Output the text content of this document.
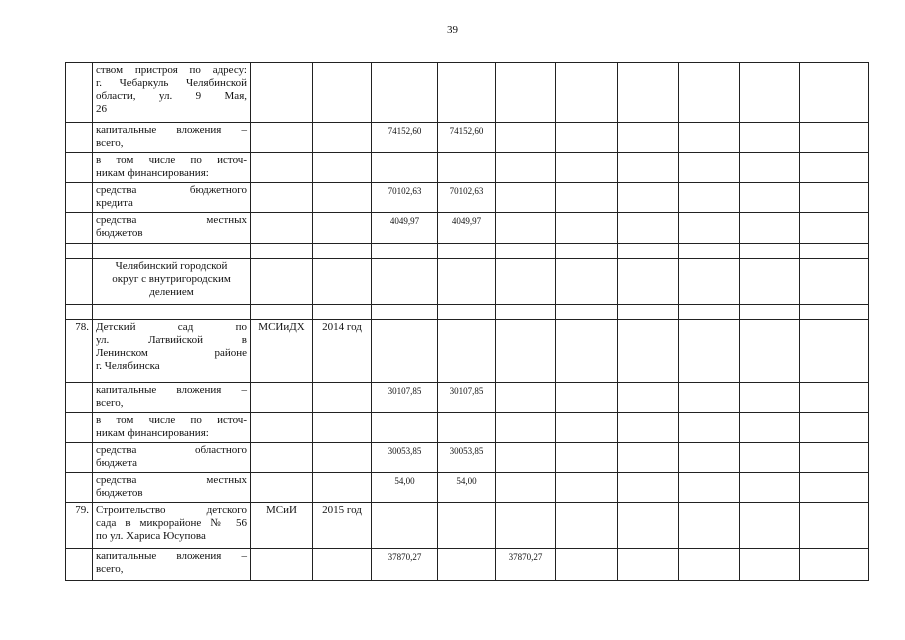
39

	ством пристроя по адресу:
г. Чебаркуль Челябинской
области, ул. 9 Мая,
26										

	капитальные вложения –
всего,			74152,60	74152,60						

	в том числе по источ-
никам финансирования:										

	средства бюджетного
кредита			70102,63	70102,63						

	средства местных
бюджетов			4049,97	4049,97						

	Челябинский городской
округ с внутригородским
делением										

78.	Детский сад по
ул. Латвийской в
Ленинском районе
г. Челябинска	МСИиДХ	2014 год								

	капитальные вложения –
всего,			30107,85	30107,85						

	в том числе по источ-
никам финансирования:										

	средства областного
бюджета			30053,85	30053,85						

	средства местных
бюджетов			54,00	54,00						
79.	Строительство детского
сада в микрорайоне № 56
по ул. Хариса Юсупова	МСиИ	2015 год								

	капитальные вложения –
всего,			37870,27		37870,27					
